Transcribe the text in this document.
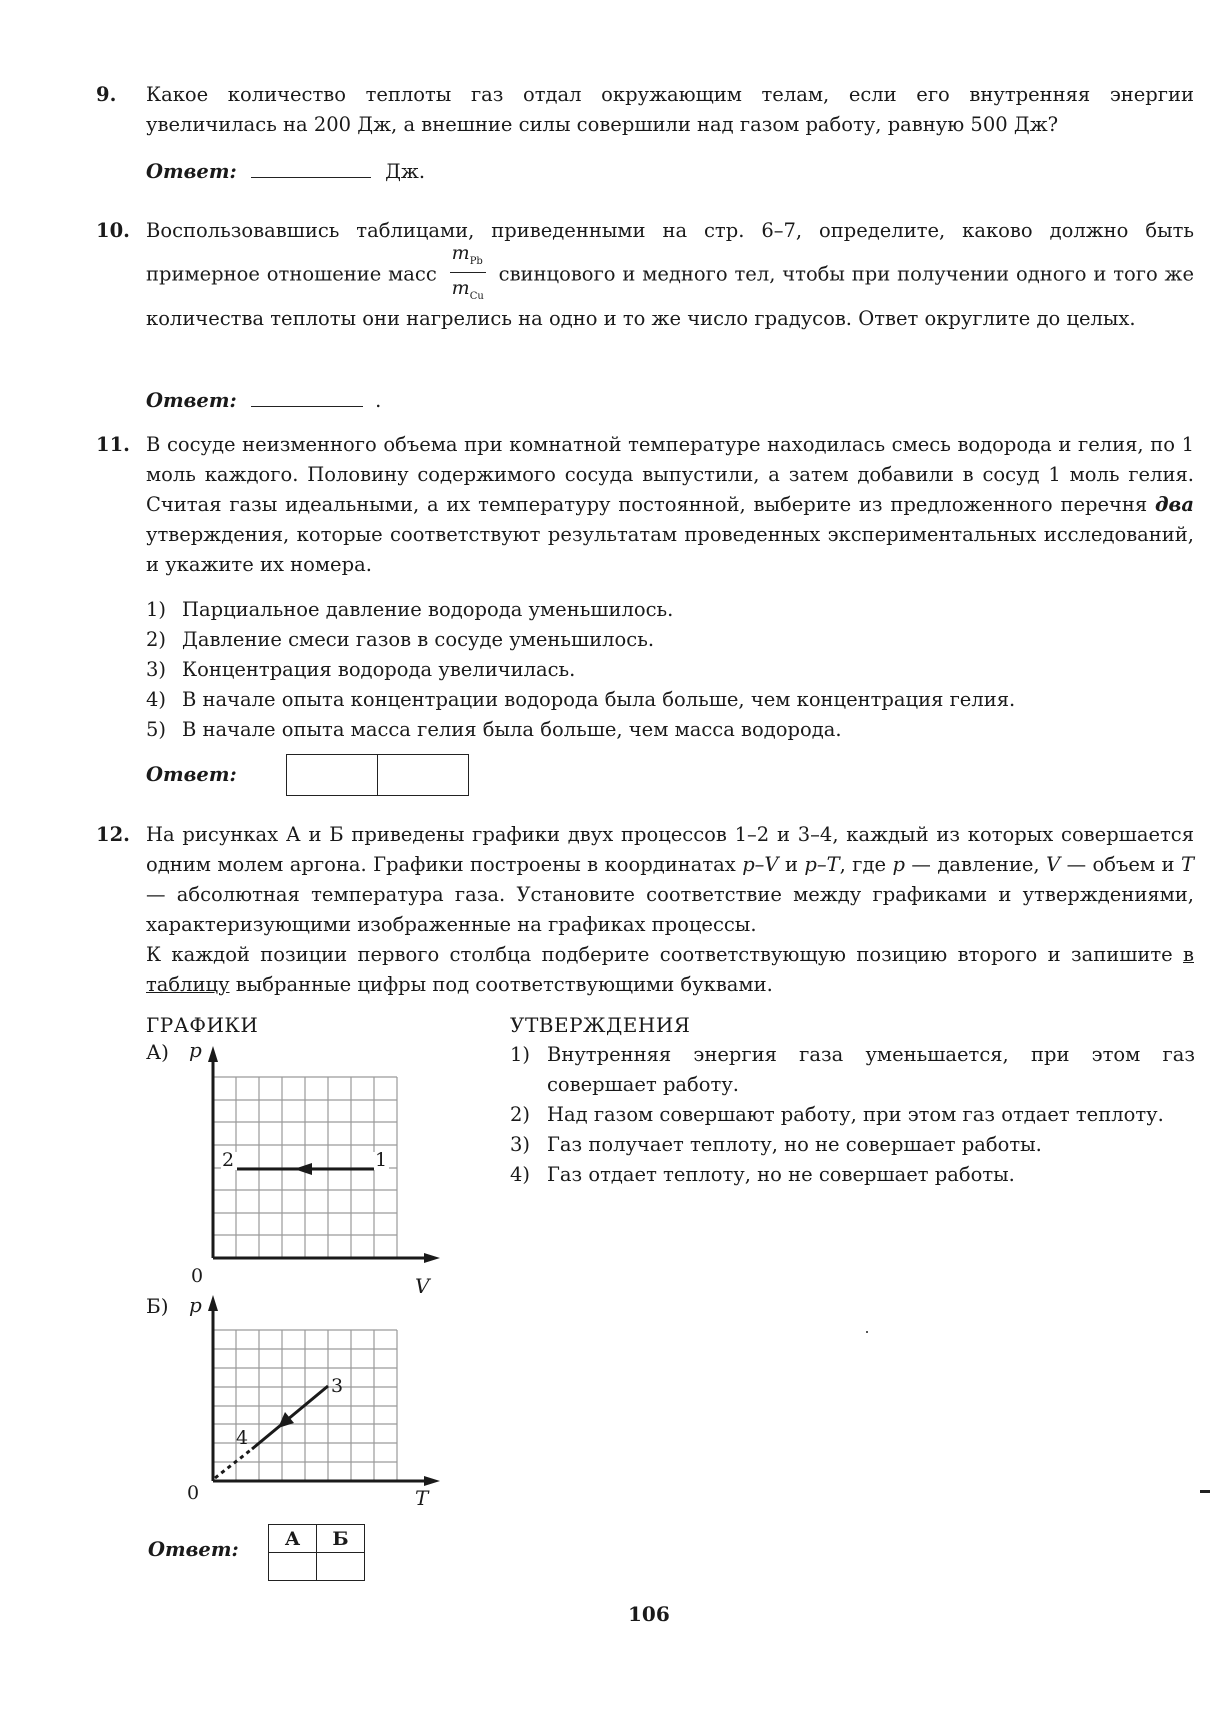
9. Какое количество теплоты газ отдал окружающим телам, если его внутренняя энергии увеличилась на 200 Дж, а внешние силы совершили над газом работу, равную 500 Дж?
Ответ:	Дж.
10. Воспользовавшись таблицами, приведенными на стр. 6–7, определите, каково должно быть примерное отношение масс $\frac{m_{Pb}}{m_{Cu}}$ свинцового и медного тел, чтобы при получении одного и того же количества теплоты они нагрелись на одно и то же число градусов. Ответ округлите до целых.
Ответ:	.
11. В сосуде неизменного объема при комнатной температуре находилась смесь водорода и гелия, по 1 моль каждого. Половину содержимого сосуда выпустили, а затем добавили в сосуд 1 моль гелия. Считая газы идеальными, а их температуру постоянной, выберите из предложенного перечня два утверждения, которые соответствуют результатам проведенных экспериментальных исследований, и укажите их номера.
1) Парциальное давление водорода уменьшилось.
2) Давление смеси газов в сосуде уменьшилось.
3) Концентрация водорода увеличилась.
4) В начале опыта концентрации водорода была больше, чем концентрация гелия.
5) В начале опыта масса гелия была больше, чем масса водорода.
Ответ:
12. На рисунках А и Б приведены графики двух процессов 1–2 и 3–4, каждый из которых совершается одним молем аргона. Графики построены в координатах p–V и p–T, где p — давление, V — объем и T — абсолютная температура газа. Установите соответствие между графиками и утверждениями, характеризующими изображенные на графиках процессы.
К каждой позиции первого столбца подберите соответствующую позицию второго и запишите в таблицу выбранные цифры под соответствующими буквами.
ГРАФИКИ	УТВЕРЖДЕНИЯ
А)
Б)
2	1
p
0	V
3
4
p
0	T
1) Внутренняя энергия газа уменьшается, при этом газ совершает работу.
2) Над газом совершают работу, при этом газ отдает теплоту.
3) Газ получает теплоту, но не совершает работы.
4) Газ отдает теплоту, но не совершает работы.
Ответ: А	Б

106
